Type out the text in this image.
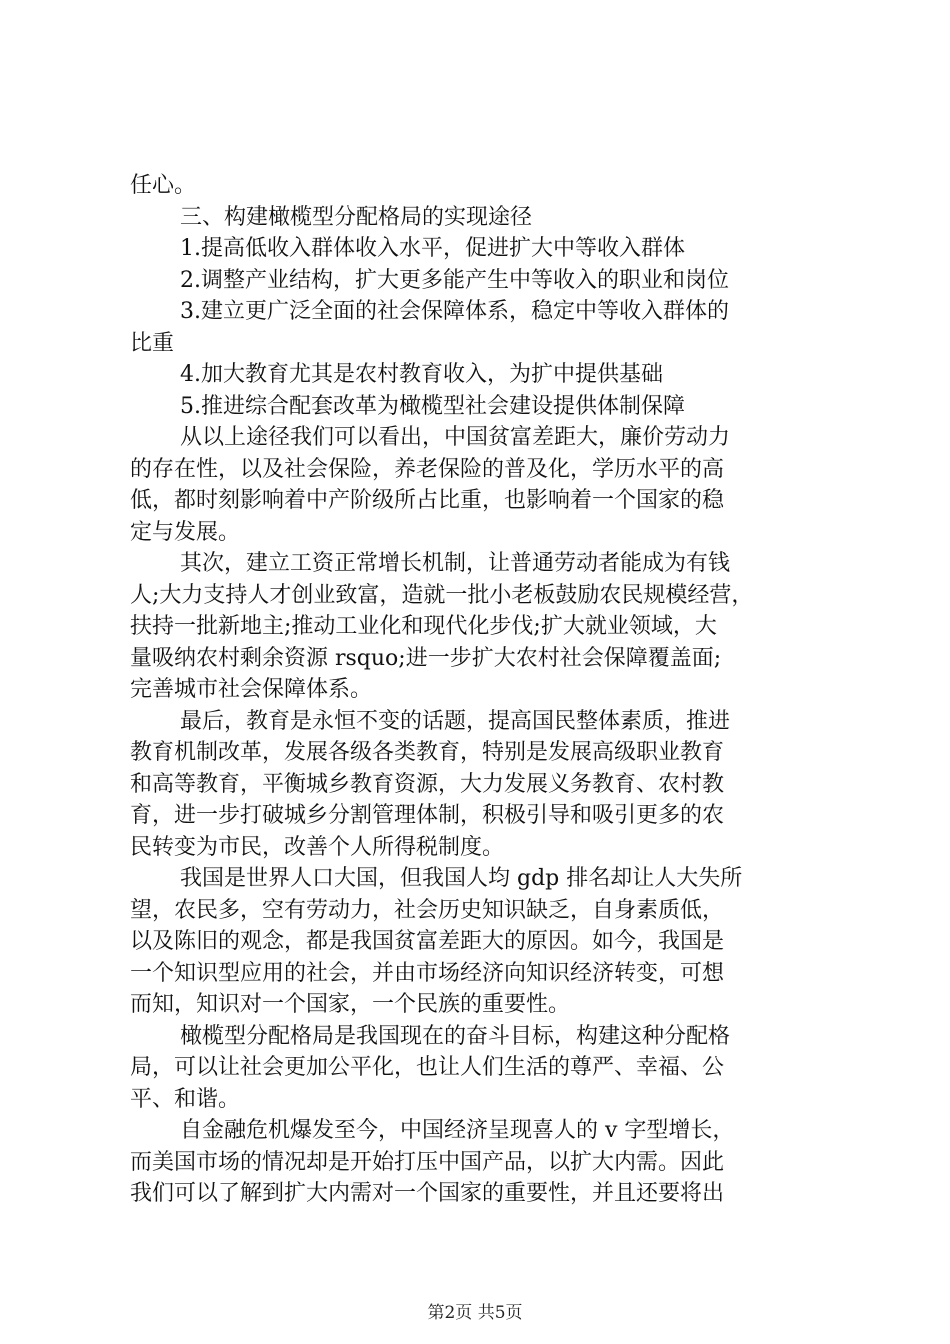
任心。
三、构建橄榄型分配格局的实现途径
1.提高低收入群体收入水平，促进扩大中等收入群体
2.调整产业结构，扩大更多能产生中等收入的职业和岗位
3.建立更广泛全面的社会保障体系，稳定中等收入群体的
比重
4.加大教育尤其是农村教育收入，为扩中提供基础
5.推进综合配套改革为橄榄型社会建设提供体制保障
从以上途径我们可以看出，中国贫富差距大，廉价劳动力
的存在性，以及社会保险，养老保险的普及化，学历水平的高
低，都时刻影响着中产阶级所占比重，也影响着一个国家的稳
定与发展。
其次，建立工资正常增长机制，让普通劳动者能成为有钱
人;大力支持人才创业致富，造就一批小老板鼓励农民规模经营，
扶持一批新地主;推动工业化和现代化步伐;扩大就业领域，大
量吸纳农村剩余资源 rsquo;进一步扩大农村社会保障覆盖面;
完善城市社会保障体系。
最后，教育是永恒不变的话题，提高国民整体素质，推进
教育机制改革，发展各级各类教育，特别是发展高级职业教育
和高等教育，平衡城乡教育资源，大力发展义务教育、农村教
育，进一步打破城乡分割管理体制，积极引导和吸引更多的农
民转变为市民，改善个人所得税制度。
我国是世界人口大国，但我国人均 gdp 排名却让人大失所
望，农民多，空有劳动力，社会历史知识缺乏，自身素质低，
以及陈旧的观念，都是我国贫富差距大的原因。如今，我国是
一个知识型应用的社会，并由市场经济向知识经济转变，可想
而知，知识对一个国家，一个民族的重要性。
橄榄型分配格局是我国现在的奋斗目标，构建这种分配格
局，可以让社会更加公平化，也让人们生活的尊严、幸福、公
平、和谐。
自金融危机爆发至今，中国经济呈现喜人的 v 字型增长，
而美国市场的情况却是开始打压中国产品，以扩大内需。因此
我们可以了解到扩大内需对一个国家的重要性，并且还要将出
第2页 共5页
